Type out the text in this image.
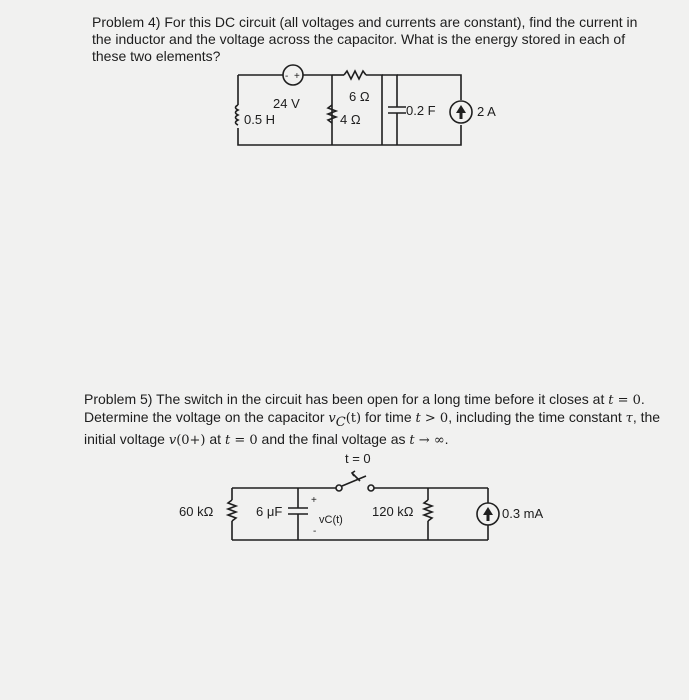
Problem 4) For this DC circuit (all voltages and currents are constant), find the current in the inductor and the voltage across the capacitor. What is the energy stored in each of these two elements?

- +
24 V
0.5 H
6 Ω
4 Ω
0.2 F	2 A

Problem 5) The switch in the circuit has been open for a long time before it closes at t = 0. Determine the voltage on the capacitor $v_C(t)$ for time t > 0, including the time constant τ, the initial voltage v(0+) at t = 0 and the final voltage as t → ∞.

t = 0
60 kΩ	6 μF
+
-
vC(t)
120 kΩ	0.3 mA
